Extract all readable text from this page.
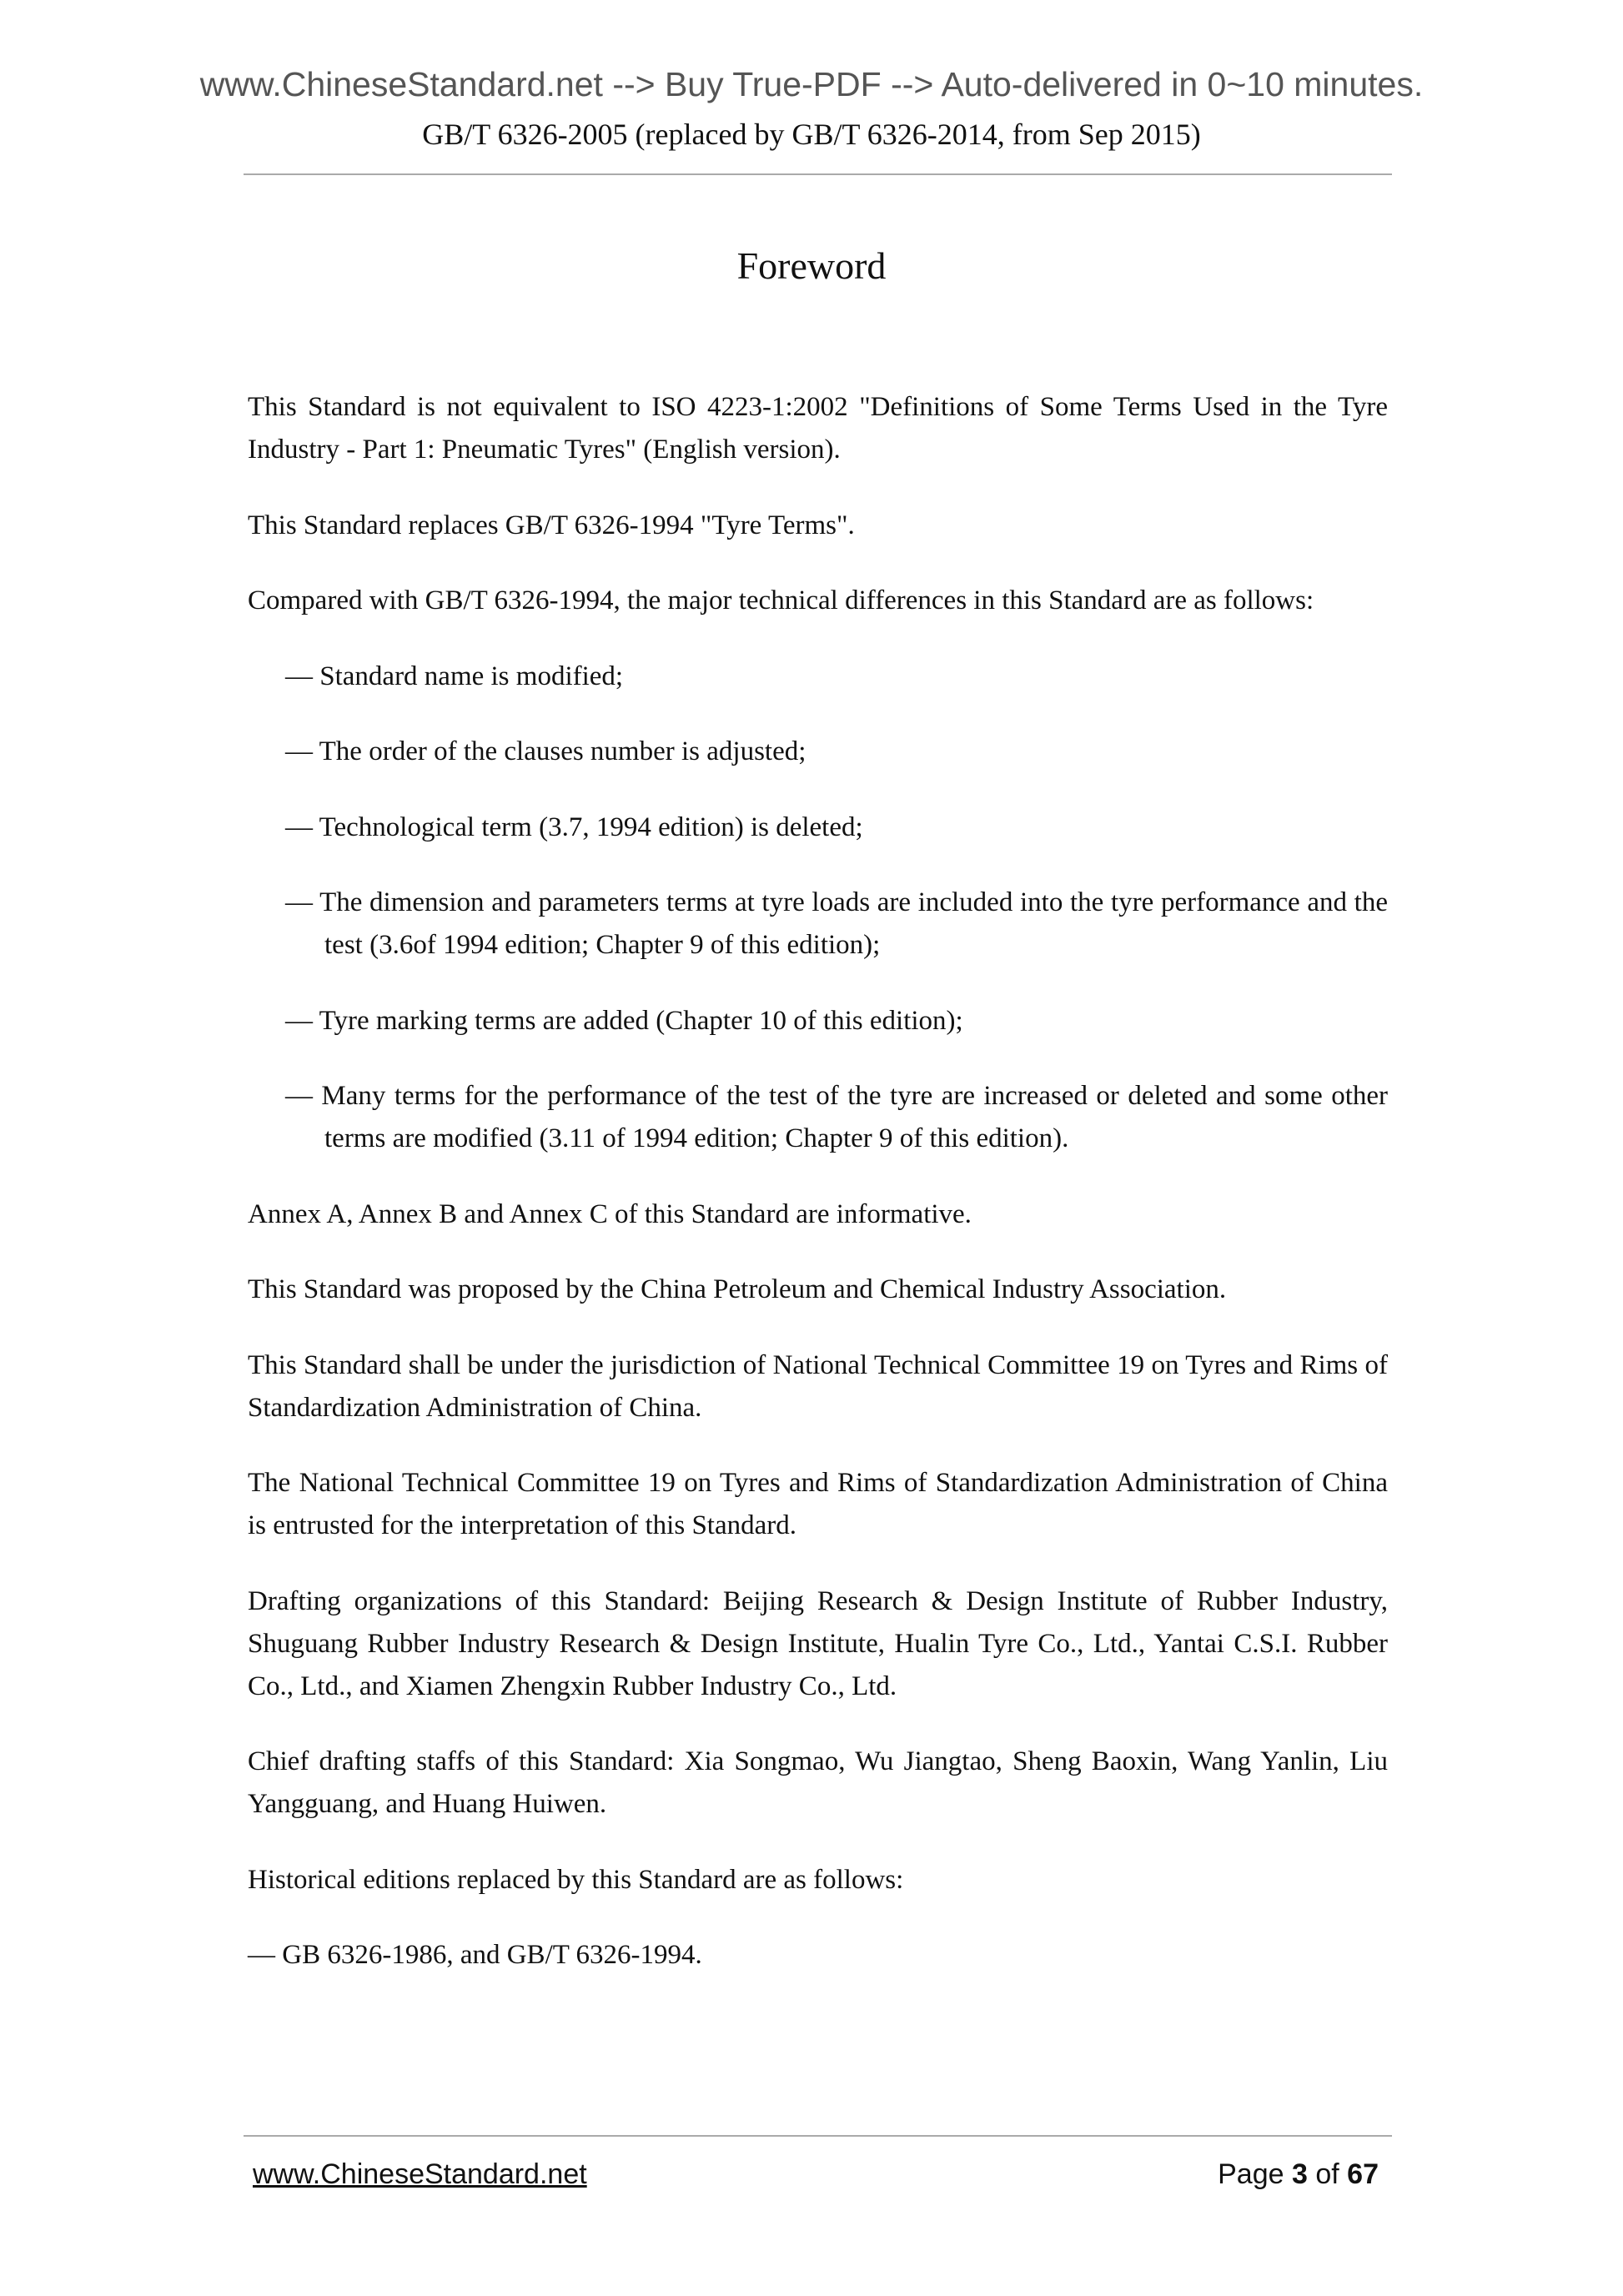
www.ChineseStandard.net --> Buy True-PDF --> Auto-delivered in 0~10 minutes.
GB/T 6326-2005 (replaced by GB/T 6326-2014, from Sep 2015)
Foreword

This Standard is not equivalent to ISO 4223-1:2002 "Definitions of Some Terms Used in the Tyre Industry - Part 1: Pneumatic Tyres" (English version).

This Standard replaces GB/T 6326-1994 "Tyre Terms".

Compared with GB/T 6326-1994, the major technical differences in this Standard are as follows:

— Standard name is modified;

— The order of the clauses number is adjusted;

— Technological term (3.7, 1994 edition) is deleted;

— The dimension and parameters terms at tyre loads are included into the tyre performance and the test (3.6of 1994 edition; Chapter 9 of this edition);

— Tyre marking terms are added (Chapter 10 of this edition);

— Many terms for the performance of the test of the tyre are increased or deleted and some other terms are modified (3.11 of 1994 edition; Chapter 9 of this edition).

Annex A, Annex B and Annex C of this Standard are informative.

This Standard was proposed by the China Petroleum and Chemical Industry Association.

This Standard shall be under the jurisdiction of National Technical Committee 19 on Tyres and Rims of Standardization Administration of China.

The National Technical Committee 19 on Tyres and Rims of Standardization Administration of China is entrusted for the interpretation of this Standard.

Drafting organizations of this Standard: Beijing Research & Design Institute of Rubber Industry, Shuguang Rubber Industry Research & Design Institute, Hualin Tyre Co., Ltd., Yantai C.S.I. Rubber Co., Ltd., and Xiamen Zhengxin Rubber Industry Co., Ltd.

Chief drafting staffs of this Standard: Xia Songmao, Wu Jiangtao, Sheng Baoxin, Wang Yanlin, Liu Yangguang, and Huang Huiwen.

Historical editions replaced by this Standard are as follows:

— GB 6326-1986, and GB/T 6326-1994.

www.ChineseStandard.net	Page 3 of 67
